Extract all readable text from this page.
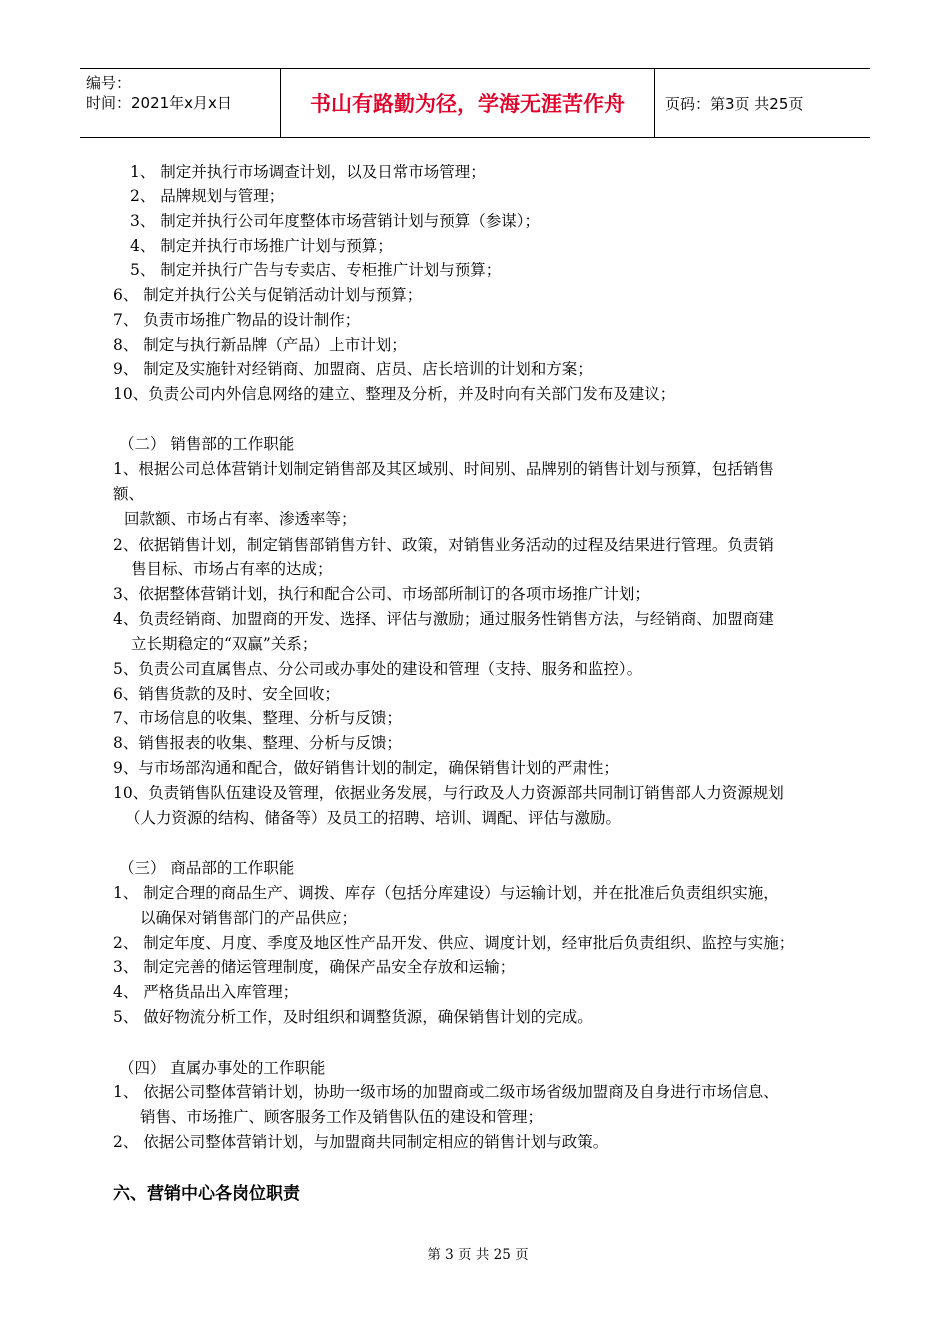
编号：
时间：2021年x月x日	书山有路勤为径，学海无涯苦作舟	页码：第3页 共25页
1、 制定并执行市场调查计划，以及日常市场管理；
2、 品牌规划与管理；
3、 制定并执行公司年度整体市场营销计划与预算（参谋）；
4、 制定并执行市场推广计划与预算；
5、 制定并执行广告与专卖店、专柜推广计划与预算；
6、 制定并执行公关与促销活动计划与预算；
7、 负责市场推广物品的设计制作；
8、 制定与执行新品牌（产品）上市计划；
9、 制定及实施针对经销商、加盟商、店员、店长培训的计划和方案；
10、负责公司内外信息网络的建立、整理及分析，并及时向有关部门发布及建议；
（二） 销售部的工作职能
1、根据公司总体营销计划制定销售部及其区域别、时间别、品牌别的销售计划与预算，包括销售
额、
回款额、市场占有率、渗透率等；
2、依据销售计划，制定销售部销售方针、政策，对销售业务活动的过程及结果进行管理。负责销
售目标、市场占有率的达成；
3、依据整体营销计划，执行和配合公司、市场部所制订的各项市场推广计划；
4、负责经销商、加盟商的开发、选择、评估与激励；通过服务性销售方法，与经销商、加盟商建
立长期稳定的“双赢”关系；
5、负责公司直属售点、分公司或办事处的建设和管理（支持、服务和监控）。
6、销售货款的及时、安全回收；
7、市场信息的收集、整理、分析与反馈；
8、销售报表的收集、整理、分析与反馈；
9、与市场部沟通和配合，做好销售计划的制定，确保销售计划的严肃性；
10、负责销售队伍建设及管理，依据业务发展，与行政及人力资源部共同制订销售部人力资源规划
（人力资源的结构、储备等）及员工的招聘、培训、调配、评估与激励。
（三） 商品部的工作职能
1、 制定合理的商品生产、调拨、库存（包括分库建设）与运输计划，并在批准后负责组织实施，
以确保对销售部门的产品供应；
2、 制定年度、月度、季度及地区性产品开发、供应、调度计划，经审批后负责组织、监控与实施；
3、 制定完善的储运管理制度，确保产品安全存放和运输；
4、 严格货品出入库管理；
5、 做好物流分析工作，及时组织和调整货源，确保销售计划的完成。
（四） 直属办事处的工作职能
1、 依据公司整体营销计划，协助一级市场的加盟商或二级市场省级加盟商及自身进行市场信息、
销售、市场推广、顾客服务工作及销售队伍的建设和管理；
2、 依据公司整体营销计划，与加盟商共同制定相应的销售计划与政策。
六、营销中心各岗位职责
第 3 页 共 25 页
